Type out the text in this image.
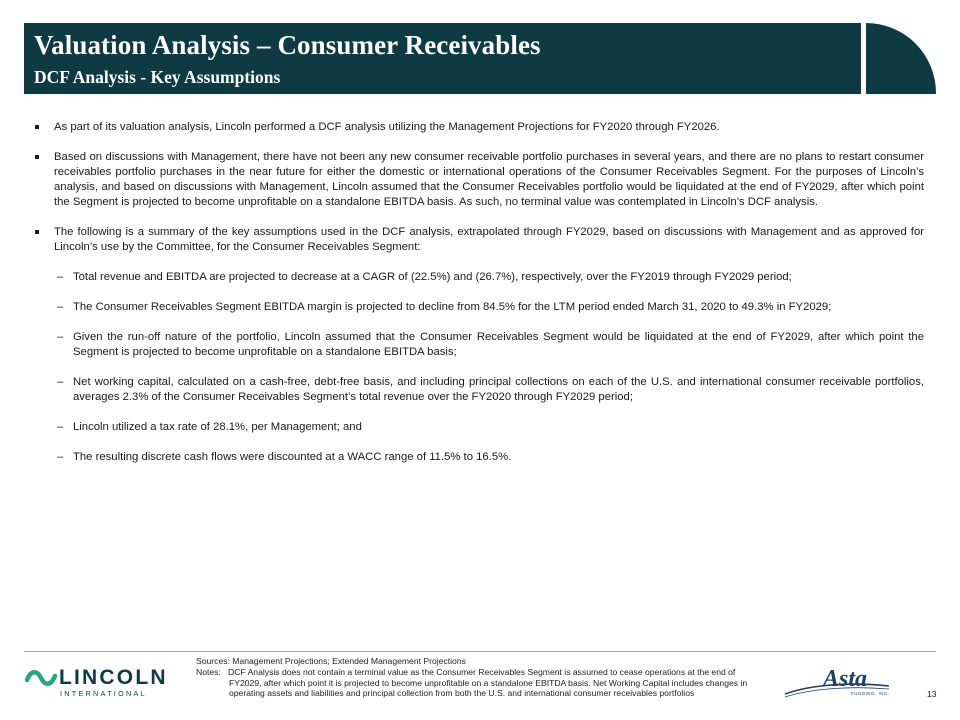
Valuation Analysis – Consumer Receivables
DCF Analysis - Key Assumptions
As part of its valuation analysis, Lincoln performed a DCF analysis utilizing the Management Projections for FY2020 through FY2026.
Based on discussions with Management, there have not been any new consumer receivable portfolio purchases in several years, and there are no plans to restart consumer receivables portfolio purchases in the near future for either the domestic or international operations of the Consumer Receivables Segment. For the purposes of Lincoln’s analysis, and based on discussions with Management, Lincoln assumed that the Consumer Receivables portfolio would be liquidated at the end of FY2029, after which point the Segment is projected to become unprofitable on a standalone EBITDA basis. As such, no terminal value was contemplated in Lincoln’s DCF analysis.
The following is a summary of the key assumptions used in the DCF analysis, extrapolated through FY2029, based on discussions with Management and as approved for Lincoln’s use by the Committee, for the Consumer Receivables Segment:
– Total revenue and EBITDA are projected to decrease at a CAGR of (22.5%) and (26.7%), respectively, over the FY2019 through FY2029 period;
– The Consumer Receivables Segment EBITDA margin is projected to decline from 84.5% for the LTM period ended March 31, 2020 to 49.3% in FY2029;
– Given the run-off nature of the portfolio, Lincoln assumed that the Consumer Receivables Segment would be liquidated at the end of FY2029, after which point the Segment is projected to become unprofitable on a standalone EBITDA basis;
– Net working capital, calculated on a cash-free, debt-free basis, and including principal collections on each of the U.S. and international consumer receivable portfolios, averages 2.3% of the Consumer Receivables Segment’s total revenue over the FY2020 through FY2029 period;
– Lincoln utilized a tax rate of 28.1%, per Management; and
– The resulting discrete cash flows were discounted at a WACC range of 11.5% to 16.5%.
LINCOLN
INTERNATIONAL
Sources: Management Projections; Extended Management Projections
Notes: DCF Analysis does not contain a terminal value as the Consumer Receivables Segment is assumed to cease operations at the end of FY2029, after which point it is projected to become unprofitable on a standalone EBITDA basis. Net Working Capital includes changes in operating assets and liabilities and principal collection from both the U.S. and international consumer receivables portfolios
Asta
FUNDING, INC.	13
